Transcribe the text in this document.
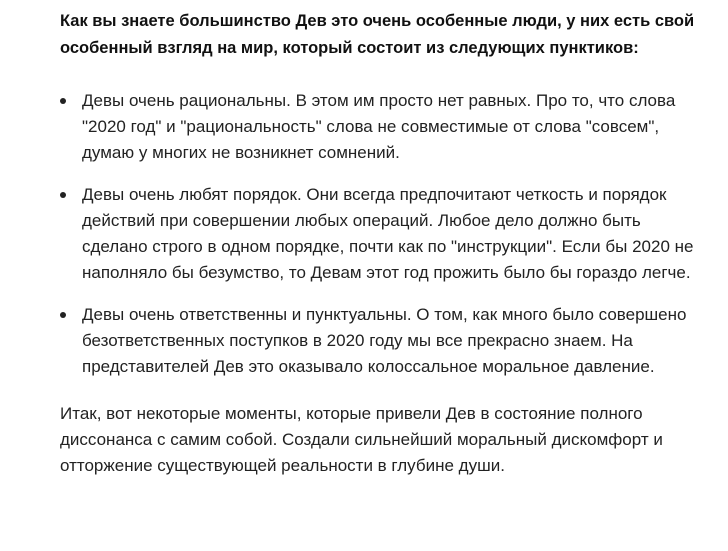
Как вы знаете большинство Дев это очень особенные люди, у них есть свой особенный взгляд на мир, который состоит из следующих пунктиков:

Девы очень рациональны. В этом им просто нет равных. Про то, что слова "2020 год" и "рациональность" слова не совместимые от слова "совсем", думаю у многих не возникнет сомнений.
Девы очень любят порядок. Они всегда предпочитают четкость и порядок действий при совершении любых операций. Любое дело должно быть сделано строго в одном порядке, почти как по "инструкции". Если бы 2020 не наполняло бы безумство, то Девам этот год прожить было бы гораздо легче.
Девы очень ответственны и пунктуальны. О том, как много было совершено безответственных поступков в 2020 году мы все прекрасно знаем. На представителей Дев это оказывало колоссальное моральное давление.

Итак, вот некоторые моменты, которые привели Дев в состояние полного диссонанса с самим собой. Создали сильнейший моральный дискомфорт и отторжение существующей реальности в глубине души.
